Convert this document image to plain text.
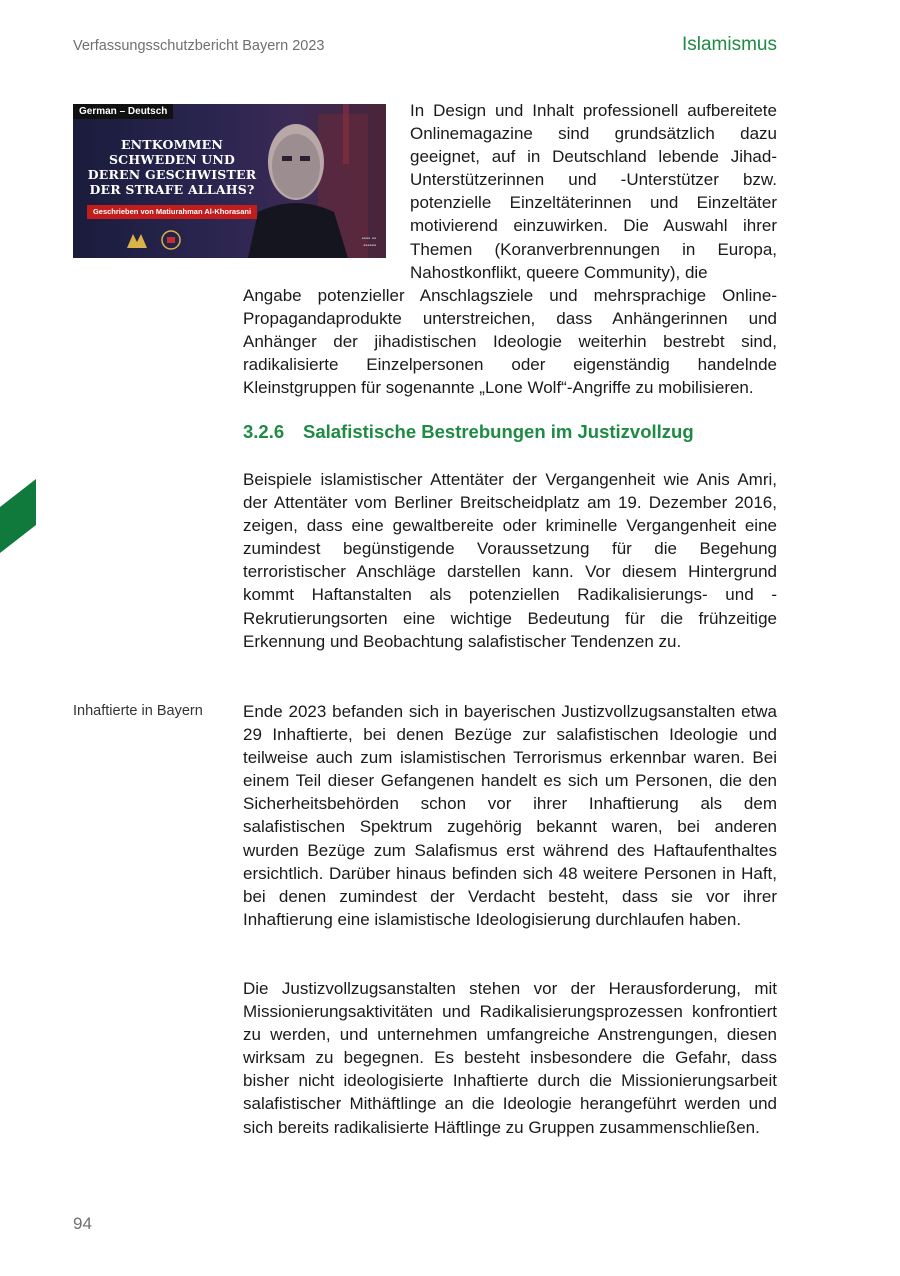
Verfassungsschutzbericht Bayern 2023	Islamismus
German – Deutsch
ENTKOMMEN
SCHWEDEN UND
DEREN GESCHWISTER
DER STRAFE ALLAHS?
Geschrieben von Matiurahman Al-Khorasani
▪▪▪▪ ▪▪
▪▪▪▪▪▪

In Design und Inhalt professionell aufbereitete Onlinemagazine sind grundsätzlich dazu geeignet, auf in Deutschland lebende Jihad-Unterstützerinnen und -Unterstützer bzw. potenzielle Einzeltäterinnen und Einzeltäter motivierend einzuwirken. Die Auswahl ihrer Themen (Koranverbrennungen in Europa, Nahostkonflikt, queere Community), die

Angabe potenzieller Anschlagsziele und mehrsprachige Online-Propagandaprodukte unterstreichen, dass Anhängerinnen und Anhänger der jihadistischen Ideologie weiterhin bestrebt sind, radikalisierte Einzelpersonen oder eigenständig handelnde Kleinstgruppen für sogenannte „Lone Wolf“-Angriffe zu mobilisieren.

3.2.6 Salafistische Bestrebungen im Justizvollzug

Beispiele islamistischer Attentäter der Vergangenheit wie Anis Amri, der Attentäter vom Berliner Breitscheidplatz am 19. Dezember 2016, zeigen, dass eine gewaltbereite oder kriminelle Vergangenheit eine zumindest begünstigende Voraussetzung für die Begehung terroristischer Anschläge darstellen kann. Vor diesem Hintergrund kommt Haftanstalten als potenziellen Radikalisierungs- und -Rekrutierungsorten eine wichtige Bedeutung für die frühzeitige Erkennung und Beobachtung salafistischer Tendenzen zu.

Inhaftierte in Bayern Ende 2023 befanden sich in bayerischen Justizvollzugsanstalten etwa 29 Inhaftierte, bei denen Bezüge zur salafistischen Ideologie und teilweise auch zum islamistischen Terrorismus erkennbar waren. Bei einem Teil dieser Gefangenen handelt es sich um Personen, die den Sicherheitsbehörden schon vor ihrer Inhaftierung als dem salafistischen Spektrum zugehörig bekannt waren, bei anderen wurden Bezüge zum Salafismus erst während des Haftaufenthaltes ersichtlich. Darüber hinaus befinden sich 48 weitere Personen in Haft, bei denen zumindest der Verdacht besteht, dass sie vor ihrer Inhaftierung eine islamistische Ideologisierung durchlaufen haben.

Die Justizvollzugsanstalten stehen vor der Herausforderung, mit Missionierungsaktivitäten und Radikalisierungsprozessen konfrontiert zu werden, und unternehmen umfangreiche Anstrengungen, diesen wirksam zu begegnen. Es besteht insbesondere die Gefahr, dass bisher nicht ideologisierte Inhaftierte durch die Missionierungsarbeit salafistischer Mithäftlinge an die Ideologie herangeführt werden und sich bereits radikalisierte Häftlinge zu Gruppen zusammenschließen.

94
